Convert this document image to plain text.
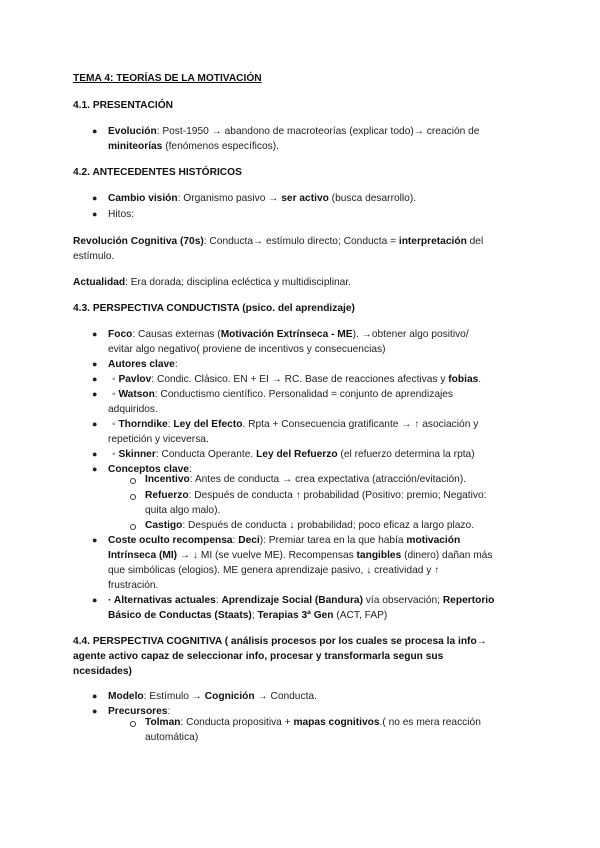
TEMA 4: TEORÍAS DE LA MOTIVACIÓN
4.1. PRESENTACIÓN
● Evolución: Post-1950 → abandono de macroteorías (explicar todo)→ creación de
miniteorías (fenómenos específicos).
4.2. ANTECEDENTES HISTÓRICOS
● Cambio visión: Organismo pasivo → ser activo (busca desarrollo).
● Hitos:
Revolución Cognitiva (70s): Conducta→ estímulo directo; Conducta = interpretación del
estímulo.
Actualidad: Era dorada; disciplina ecléctica y multidisciplinar.
4.3. PERSPECTIVA CONDUCTISTA (psico. del aprendizaje)
● Foco: Causas externas (Motivación Extrínseca - ME). →obtener algo positivo/
evitar algo negativo( proviene de incentivos y consecuencias)
● Autores clave:
● ◦ Pavlov: Condic. Clásico. EN + EI → RC. Base de reacciones afectivas y fobias.
● ◦ Watson: Conductismo científico. Personalidad = conjunto de aprendizajes
adquiridos.
● ◦ Thorndike: Ley del Efecto. Rpta + Consecuencia gratificante → ↑ asociación y
repetición y viceversa.
● ◦ Skinner: Conducta Operante. Ley del Refuerzo (el refuerzo determina la rpta)
● Conceptos clave:
Incentivo: Antes de conducta → crea expectativa (atracción/evitación).
Refuerzo: Después de conducta ↑ probabilidad (Positivo: premio; Negativo:
quita algo malo).
Castigo: Después de conducta ↓ probabilidad; poco eficaz a largo plazo.
● Coste oculto recompensa: Deci): Premiar tarea en la que había motivación
Intrínseca (MI) → ↓ MI (se vuelve ME). Recompensas tangibles (dinero) dañan más
que simbólicas (elogios). ME genera aprendizaje pasivo, ↓ creatividad y ↑
frustración.
● · Alternativas actuales: Aprendizaje Social (Bandura) vía observación; Repertorio
Básico de Conductas (Staats); Terapias 3ª Gen (ACT, FAP)
4.4. PERSPECTIVA COGNITIVA ( análisis procesos por los cuales se procesa la info→
agente activo capaz de seleccionar info, procesar y transformarla segun sus
ncesidades)
● Modelo: Estímulo → Cognición → Conducta.
● Precursores:
Tolman: Conducta propositiva + mapas cognitivos.( no es mera reacción
automática)
